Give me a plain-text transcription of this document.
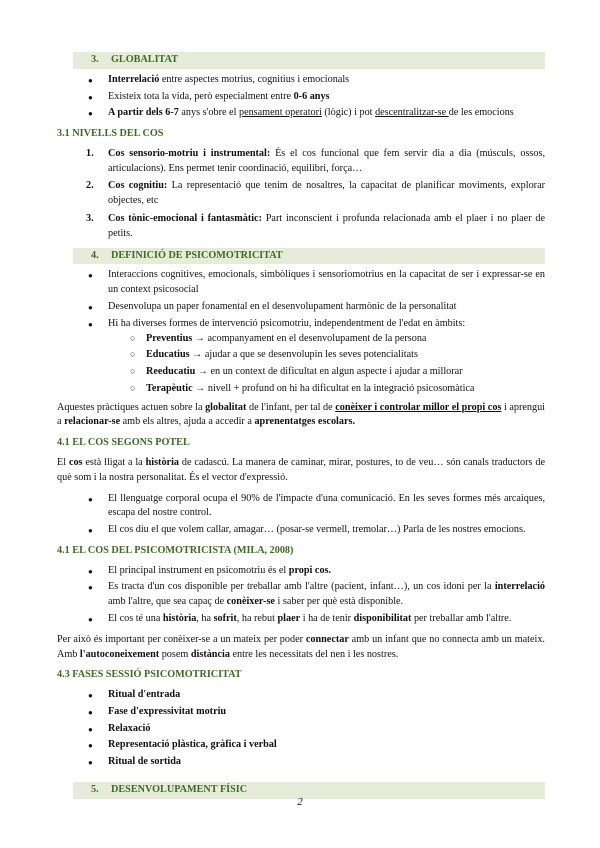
3. GLOBALITAT
● Interrelació entre aspectes motrius, cognitius i emocionals
● Existeix tota la vida, però especialment entre 0-6 anys
● A partir dels 6-7 anys s'obre el pensament operatori (lògic) i pot descentralitzar-se de les emocions
3.1 NIVELLS DEL COS
1. Cos sensorio-motriu i instrumental: És el cos funcional que fem servir dia a dia (músculs, ossos, articulacions). Ens permet tenir coordinació, equilibri, força…
2. Cos cognitiu: La representació que tenim de nosaltres, la capacitat de planificar moviments, explorar objectes, etc
3. Cos tònic-emocional i fantasmàtic: Part inconscient i profunda relacionada amb el plaer i no plaer de petits.
4. DEFINICIÓ DE PSICOMOTRICITAT
● Interaccions cognitives, emocionals, simbòliques i sensoriomotrius en la capacitat de ser i expressar-se en un context psicosocial
● Desenvolupa un paper fonamental en el desenvolupament harmònic de la personalitat
● Hi ha diverses formes de intervenció psicomotriu, independentment de l'edat en àmbits:
○ Preventius → acompanyament en el desenvolupament de la persona
○ Educatius → ajudar a que se desenvolupin les seves potencialitats
○ Reeducatiu → en un context de dificultat en algun aspecte i ajudar a millorar
○ Terapèutic → nivell + profund on hi ha dificultat en la integració psicosomàtica

Aquestes pràctiques actuen sobre la globalitat de l'infant, per tal de conèixer i controlar millor el propi cos i aprengui a relacionar-se amb els altres, ajuda a accedir a aprenentatges escolars.

4.1 EL COS SEGONS POTEL

El cos està lligat a la història de cadascú. La manera de caminar, mirar, postures, to de veu… són canals traductors de què som i la nostra personalitat. És el vector d'expressió.

● El llenguatge corporal ocupa el 90% de l'impacte d'una comunicació. En les seves formes més arcaiques, escapa del nostre control.
● El cos diu el que volem callar, amagar… (posar-se vermell, tremolar…) Parla de les nostres emocions.
4.1 EL COS DEL PSICOMOTRICISTA (MILA, 2008)
● El principal instrument en psicomotriu és el propi cos.
● Es tracta d'un cos disponible per treballar amb l'altre (pacient, infant…), un cos idoni per la interrelació amb l'altre, que sea capaç de conèixer-se i saber per què està disponible.
● El cos té una història, ha sofrit, ha rebut plaer i ha de tenir disponibilitat per treballar amb l'altre.

Per això és important per conèixer-se a un mateix per poder connectar amb un infant que no connecta amb un mateix. Amb l'autoconeixement posem distància entre les necessitats del nen i les nostres.

4.3 FASES SESSIÓ PSICOMOTRICITAT
● Ritual d'entrada
● Fase d'expressivitat motriu
● Relaxació
● Representació plàstica, gràfica i verbal
● Ritual de sortida
5. DESENVOLUPAMENT FÍSIC
2
